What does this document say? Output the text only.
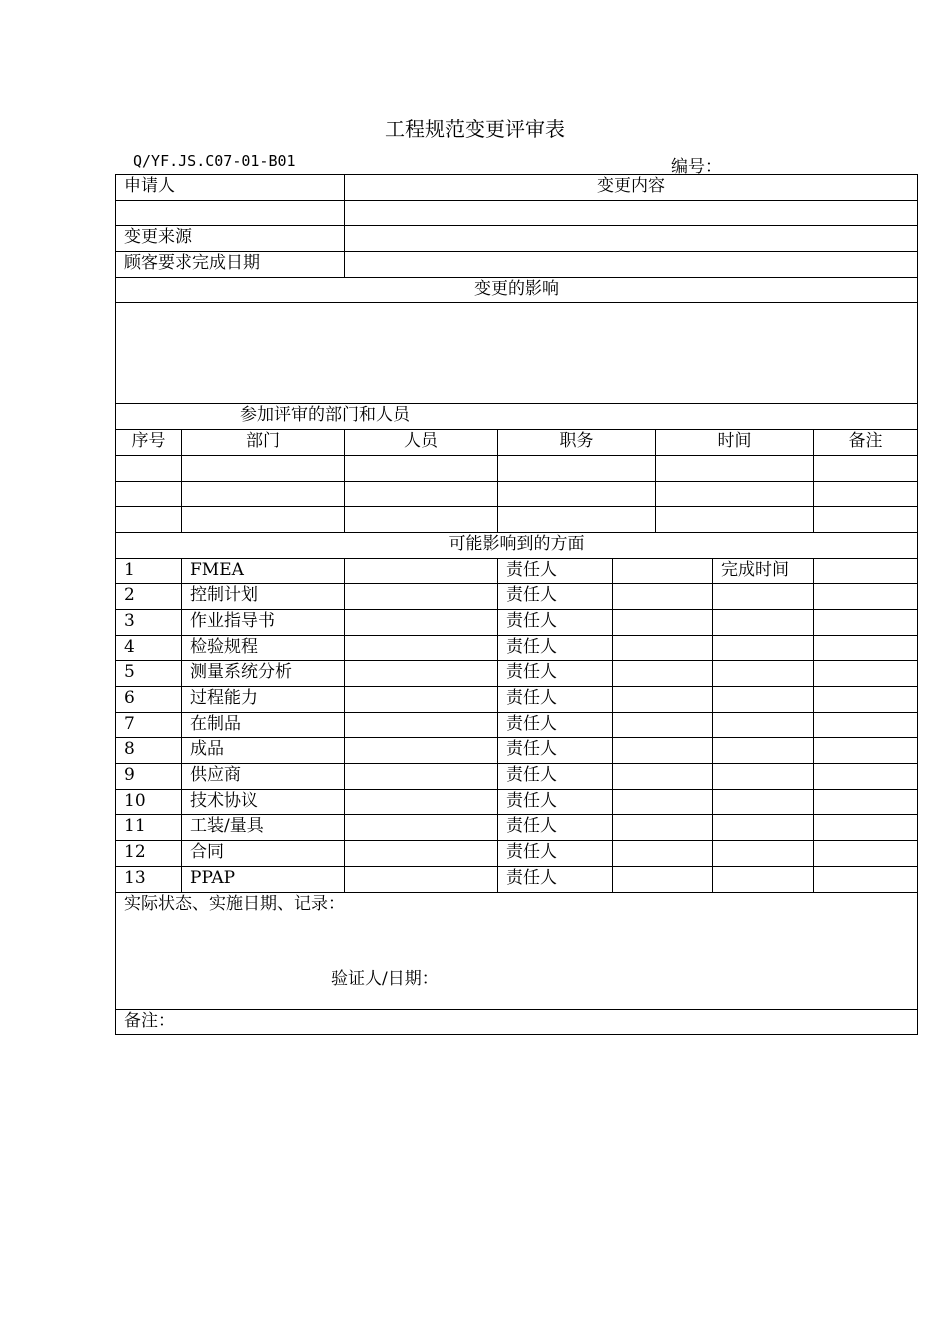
工程规范变更评审表
Q/YF.JS.C07-01-B01	编号：
申请人		变更内容					

变更来源							
顾客要求完成日期							
变更的影响							

参加评审的部门和人员							
序号	部门	人员	职务		时间		备注

可能影响到的方面							
1	FMEA		责任人			完成时间	
2	控制计划		责任人				
3	作业指导书		责任人				
4	检验规程		责任人				
5	测量系统分析		责任人				
6	过程能力		责任人				
7	在制品		责任人				
8	成品		责任人				
9	供应商		责任人				
10	技术协议		责任人				
11	工装/量具		责任人				
12	合同		责任人				
13	PPAP		责任人				
实际状态、实施日期、记录：
验证人/日期：							

备注：							
